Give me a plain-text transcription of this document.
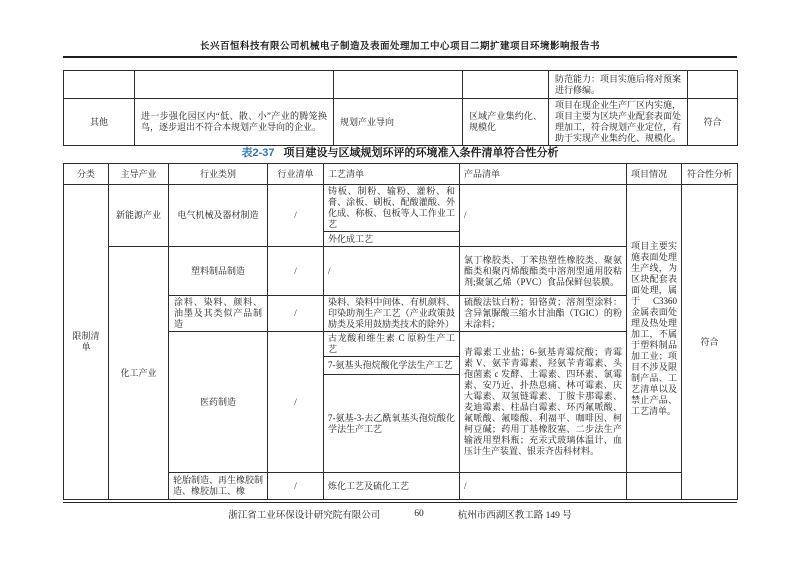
长兴百恒科技有限公司机械电子制造及表面处理加工中心项目二期扩建项目环境影响报告书
				防范能力：项目实施后将对预案进行修编。	
其他	进一步强化园区内“低、散、小”产业的腾笼换鸟，逐步退出不符合本规划产业导向的企业。	规划产业导向	区域产业集约化、规模化	项目在现企业生产厂区内实施，项目主要为区块产业配套表面处理加工，符合规划产业定位，有助于实现产业集约化、规模化。	符合
表2-37 项目建设与区域规划环评的环境准入条件清单符合性分析
分类	主导产业	行业类别	行业清单	工艺清单	产品清单	项目情况	符合性分析
限制清单	新能源产业	电气机械及器材制造	/	铸板、制粉、输粉、灌粉、和膏、涂板、刷板、配酸灌酸、外化成、称板、包板等人工作业工艺	/	项目主要实施表面处理生产线，为区块配套表面处理，属于 C3360 金属表面处理及热处理加工，不属于塑料制品加工业；项目不涉及限制产品、工艺清单以及禁止产品、工艺清单。	符合
				外化成工艺			
	化工产业	塑料制品制造	/	/	氯丁橡胶类、丁苯热塑性橡胶类、聚氨酯类和聚丙烯酸酯类中溶剂型通用胶粘剂;聚氯乙烯（PVC）食品保鲜包装膜。		
		涂料、染料、颜料、油墨及其类似产品制造	/	染料、染料中间体、有机颜料、印染助剂生产工艺（产业政策鼓励类及采用鼓励类技术的除外）	硫酸法钛白粉；铅铬黄；溶剂型涂料：含异氰脲酸三缩水甘油酯（TGIC）的粉末涂料；		
		医药制造	/	古龙酸和维生素 C 原粉生产工艺	青霉素工业盐；6-氨基青霉烷酸；青霉素 V、氨苄青霉素、羟氨苄青霉素、头孢菌素 c 发酵、土霉素、四环素、氯霉素、安乃近、扑热息痛、林可霉素、庆大霉素、双氢链霉素、丁胺卡那霉素、麦迪霉素、柱晶白霉素、环丙氟哌酸、氟哌酸、氟嗪酸、利福平、咖啡因、柯柯豆碱；药用丁基橡胶塞、二步法生产输液用塑料瓶；充汞式玻璃体温计、血压计生产装置、银汞齐齿科材料。		
				7-氨基头孢烷酸化学法生产工艺			
				7-氨基-3-去乙酰氧基头孢烷酸化学法生产工艺			
		轮胎制造、再生橡胶制造、橡胶加工、橡	/	炼化工艺及硫化工艺	/		
浙江省工业环保设计研究院有限公司	60	杭州市西湖区教工路 149 号
